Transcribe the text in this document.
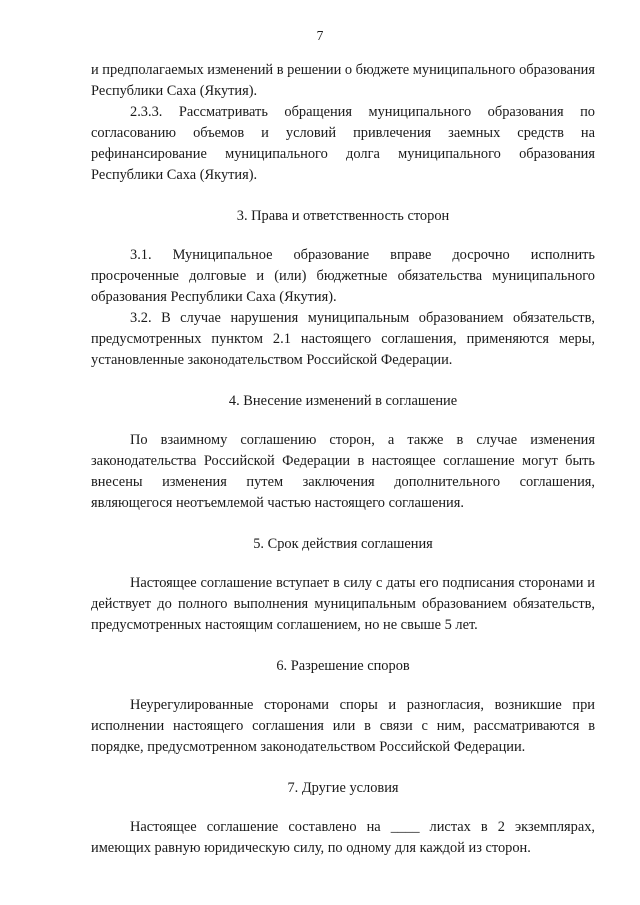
7

и предполагаемых изменений в решении о бюджете муниципального образования Республики Саха (Якутия).

2.3.3. Рассматривать обращения муниципального образования по согласованию объемов и условий привлечения заемных средств на рефинансирование муниципального долга муниципального образования Республики Саха (Якутия).

3. Права и ответственность сторон

3.1. Муниципальное образование вправе досрочно исполнить просроченные долговые и (или) бюджетные обязательства муниципального образования Республики Саха (Якутия).

3.2. В случае нарушения муниципальным образованием обязательств, предусмотренных пунктом 2.1 настоящего соглашения, применяются меры, установленные законодательством Российской Федерации.

4. Внесение изменений в соглашение

По взаимному соглашению сторон, а также в случае изменения законодательства Российской Федерации в настоящее соглашение могут быть внесены изменения путем заключения дополнительного соглашения, являющегося неотъемлемой частью настоящего соглашения.

5. Срок действия соглашения

Настоящее соглашение вступает в силу с даты его подписания сторонами и действует до полного выполнения муниципальным образованием обязательств, предусмотренных настоящим соглашением, но не свыше 5 лет.

6. Разрешение споров

Неурегулированные сторонами споры и разногласия, возникшие при исполнении настоящего соглашения или в связи с ним, рассматриваются в порядке, предусмотренном законодательством Российской Федерации.

7. Другие условия

Настоящее соглашение составлено на ____ листах в 2 экземплярах, имеющих равную юридическую силу, по одному для каждой из сторон.
